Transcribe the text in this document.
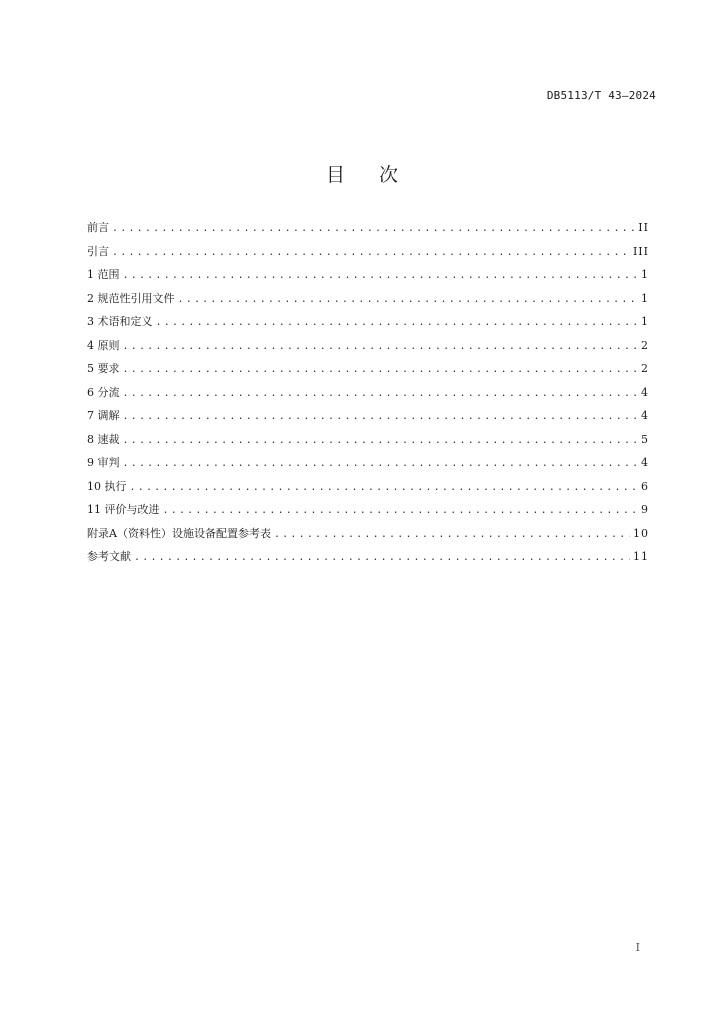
DB5113/T 43—2024
目次
前言 .....	II
引言 .....	III
1 范围 .....	1
2 规范性引用文件 .....	1
3 术语和定义 .....	1
4 原则 .....	2
5 要求 .....	2
6 分流 .....	4
7 调解 .....	4
8 速裁 .....	5
9 审判 .....	4
10 执行 .....	6
11 评价与改进 .....	9
附录A（资料性）设施设备配置参考表 .....	10
参考文献 .....	11
I
